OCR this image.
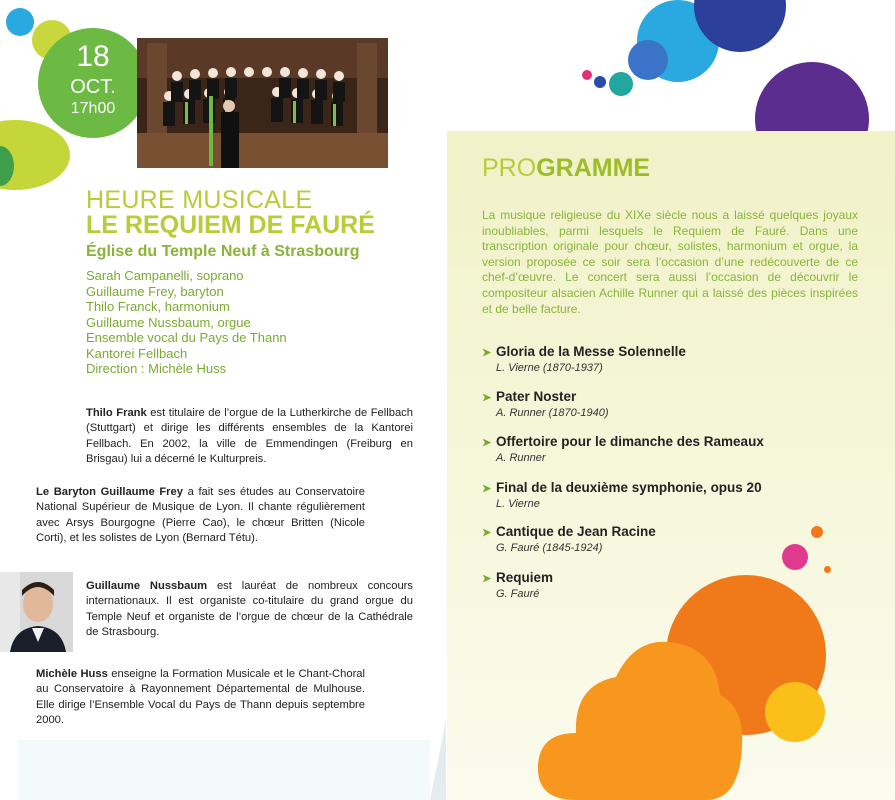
18
OCT.
17h00
HEURE MUSICALE
LE REQUIEM DE FAURÉ
Église du Temple Neuf à Strasbourg
Sarah Campanelli, soprano
Guillaume Frey, baryton
Thilo Franck, harmonium
Guillaume Nussbaum, orgue
Ensemble vocal du Pays de Thann
Kantorei Fellbach
Direction : Michèle Huss
Thilo Frank est titulaire de l’orgue de la Lutherkirche de Fellbach (Stuttgart) et dirige les différents ensembles de la Kantorei Fellbach. En 2002, la ville de Emmendingen (Freiburg en Brisgau) lui a décerné le Kulturpreis.
Le Baryton Guillaume Frey a fait ses études au Conservatoire National Supérieur de Musique de Lyon. Il chante régulièrement avec Arsys Bourgogne (Pierre Cao), le chœur Britten (Nicole Corti), et les solistes de Lyon (Bernard Tétu).
Guillaume Nussbaum est lauréat de nombreux concours internationaux. Il est organiste co-titulaire du grand orgue du Temple Neuf et organiste de l’orgue de chœur de la Cathédrale de Strasbourg.
Michèle Huss enseigne la Formation Musicale et le Chant-Choral au Conservatoire à Rayonnement Départemental de Mulhouse. Elle dirige l’Ensemble Vocal du Pays de Thann depuis septembre 2000.
PROGRAMME
La musique religieuse du XIXe siècle nous a laissé quelques joyaux inoubliables, parmi lesquels le Requiem de Fauré. Dans une transcription originale pour chœur, solistes, harmonium et orgue, la version proposée ce soir sera l’occasion d’une redécouverte de ce chef-d’œuvre. Le concert sera aussi l’occasion de découvrir le compositeur alsacien Achille Runner qui a laissé des pièces inspirées et de belle facture.
➤ Gloria de la Messe Solennelle
L. Vierne (1870-1937)
➤ Pater Noster
A. Runner (1870-1940)
➤ Offertoire pour le dimanche des Rameaux
A. Runner
➤ Final de la deuxième symphonie, opus 20
L. Vierne
➤ Cantique de Jean Racine
G. Fauré (1845-1924)
➤ Requiem
G. Fauré
